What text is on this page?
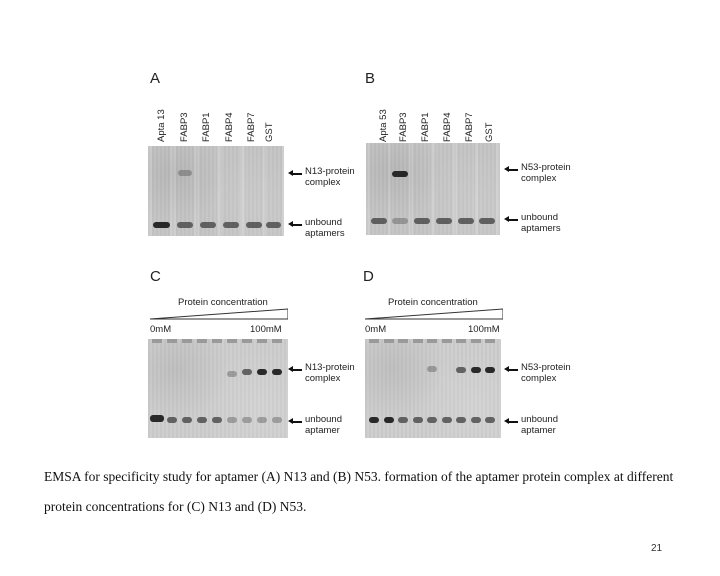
A
Apta 13 FABP3 FABP1 FABP4 FABP7 GST
N13-protein complex
unbound aptamers
B
Apta 53 FABP3 FABP1 FABP4 FABP7 GST
N53-protein complex
unbound aptamers
C
Protein concentration
0mM	100mM
N13-protein complex
unbound aptamer
D
Protein concentration
0mM	100mM
N53-protein complex
unbound aptamer
EMSA for specificity study for aptamer (A) N13 and (B) N53. formation of the aptamer protein complex at different protein concentrations for (C) N13 and (D) N53.
21
